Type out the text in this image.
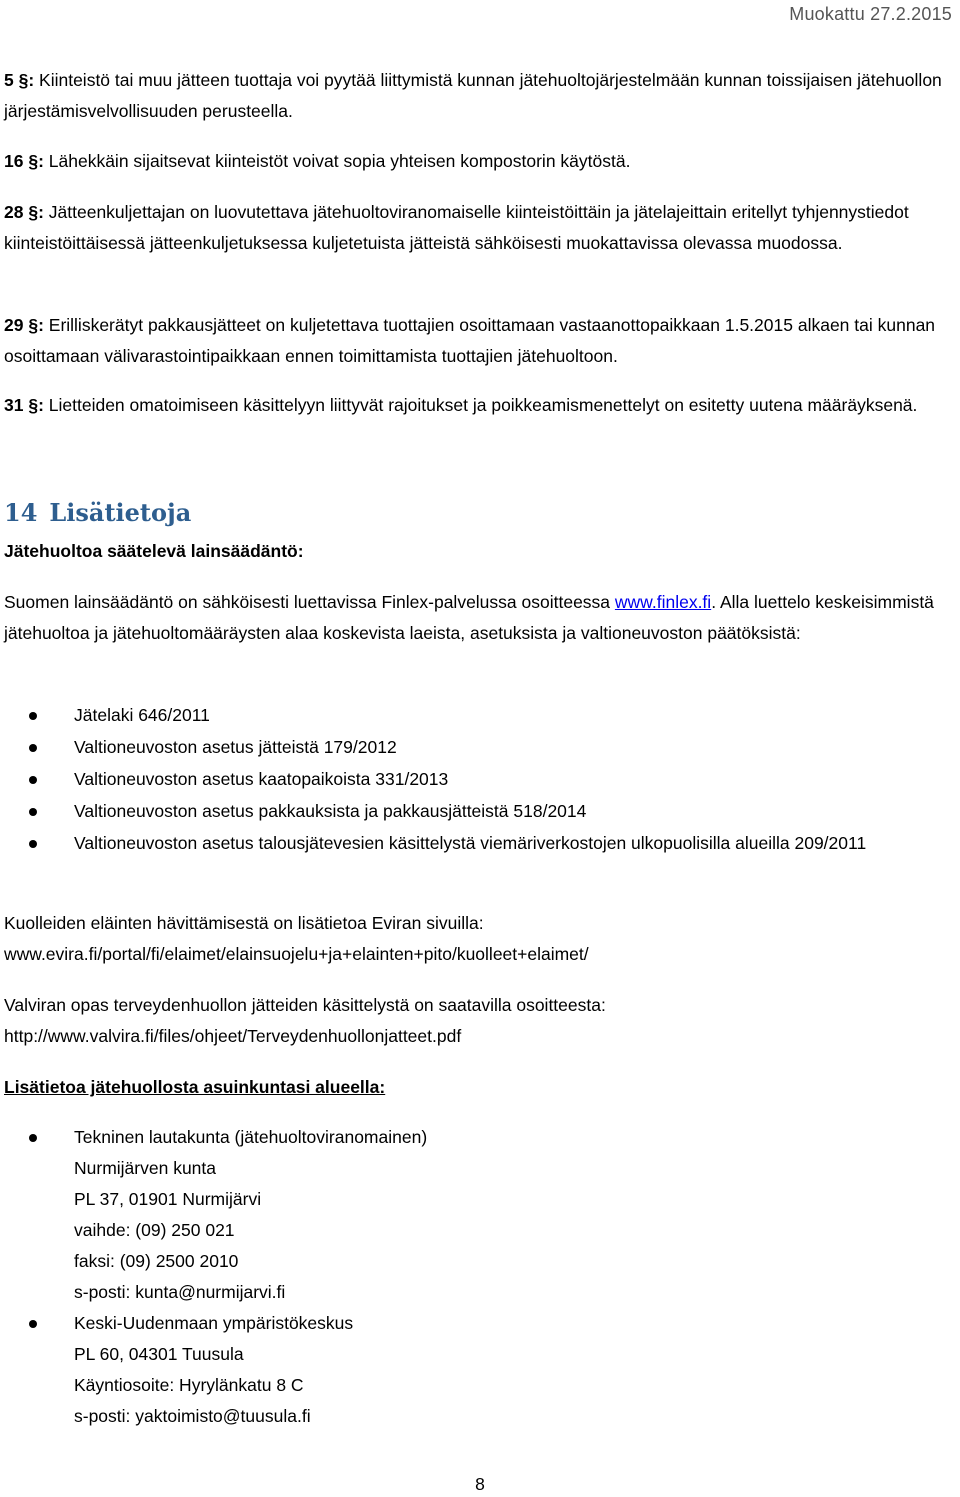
Muokattu 27.2.2015

5 §: Kiinteistö tai muu jätteen tuottaja voi pyytää liittymistä kunnan jätehuoltojärjestelmään kunnan toissijaisen jätehuollon järjestämisvelvollisuuden perusteella.

16 §: Lähekkäin sijaitsevat kiinteistöt voivat sopia yhteisen kompostorin käytöstä.

28 §: Jätteenkuljettajan on luovutettava jätehuoltoviranomaiselle kiinteistöittäin ja jätelajeittain eritellyt tyhjennystiedot kiinteistöittäisessä jätteenkuljetuksessa kuljetetuista jätteistä sähköisesti muokattavissa olevassa muodossa.

29 §: Erilliskerätyt pakkausjätteet on kuljetettava tuottajien osoittamaan vastaanottopaikkaan 1.5.2015 alkaen tai kunnan osoittamaan välivarastointipaikkaan ennen toimittamista tuottajien jätehuoltoon.

31 §: Lietteiden omatoimiseen käsittelyyn liittyvät rajoitukset ja poikkeamismenettelyt on esitetty uutena määräyksenä.

14 Lisätietoja

Jätehuoltoa säätelevä lainsäädäntö:

Suomen lainsäädäntö on sähköisesti luettavissa Finlex-palvelussa osoitteessa www.finlex.fi. Alla luettelo keskeisimmistä jätehuoltoa ja jätehuoltomääräysten alaa koskevista laeista, asetuksista ja valtioneuvoston päätöksistä:

Jätelaki 646/2011
Valtioneuvoston asetus jätteistä 179/2012
Valtioneuvoston asetus kaatopaikoista 331/2013
Valtioneuvoston asetus pakkauksista ja pakkausjätteistä 518/2014
Valtioneuvoston asetus talousjätevesien käsittelystä viemäriverkostojen ulkopuolisilla alueilla 209/2011

Kuolleiden eläinten hävittämisestä on lisätietoa Eviran sivuilla:
www.evira.fi/portal/fi/elaimet/elainsuojelu+ja+elainten+pito/kuolleet+elaimet/

Valviran opas terveydenhuollon jätteiden käsittelystä on saatavilla osoitteesta:
http://www.valvira.fi/files/ohjeet/Terveydenhuollonjatteet.pdf

Lisätietoa jätehuollosta asuinkuntasi alueella:

Tekninen lautakunta (jätehuoltoviranomainen)
Nurmijärven kunta
PL 37, 01901 Nurmijärvi
vaihde: (09) 250 021
faksi: (09) 2500 2010
s-posti: kunta@nurmijarvi.fi
Keski-Uudenmaan ympäristökeskus
PL 60, 04301 Tuusula
Käyntiosoite: Hyrylänkatu 8 C
s-posti: yaktoimisto@tuusula.fi
8
